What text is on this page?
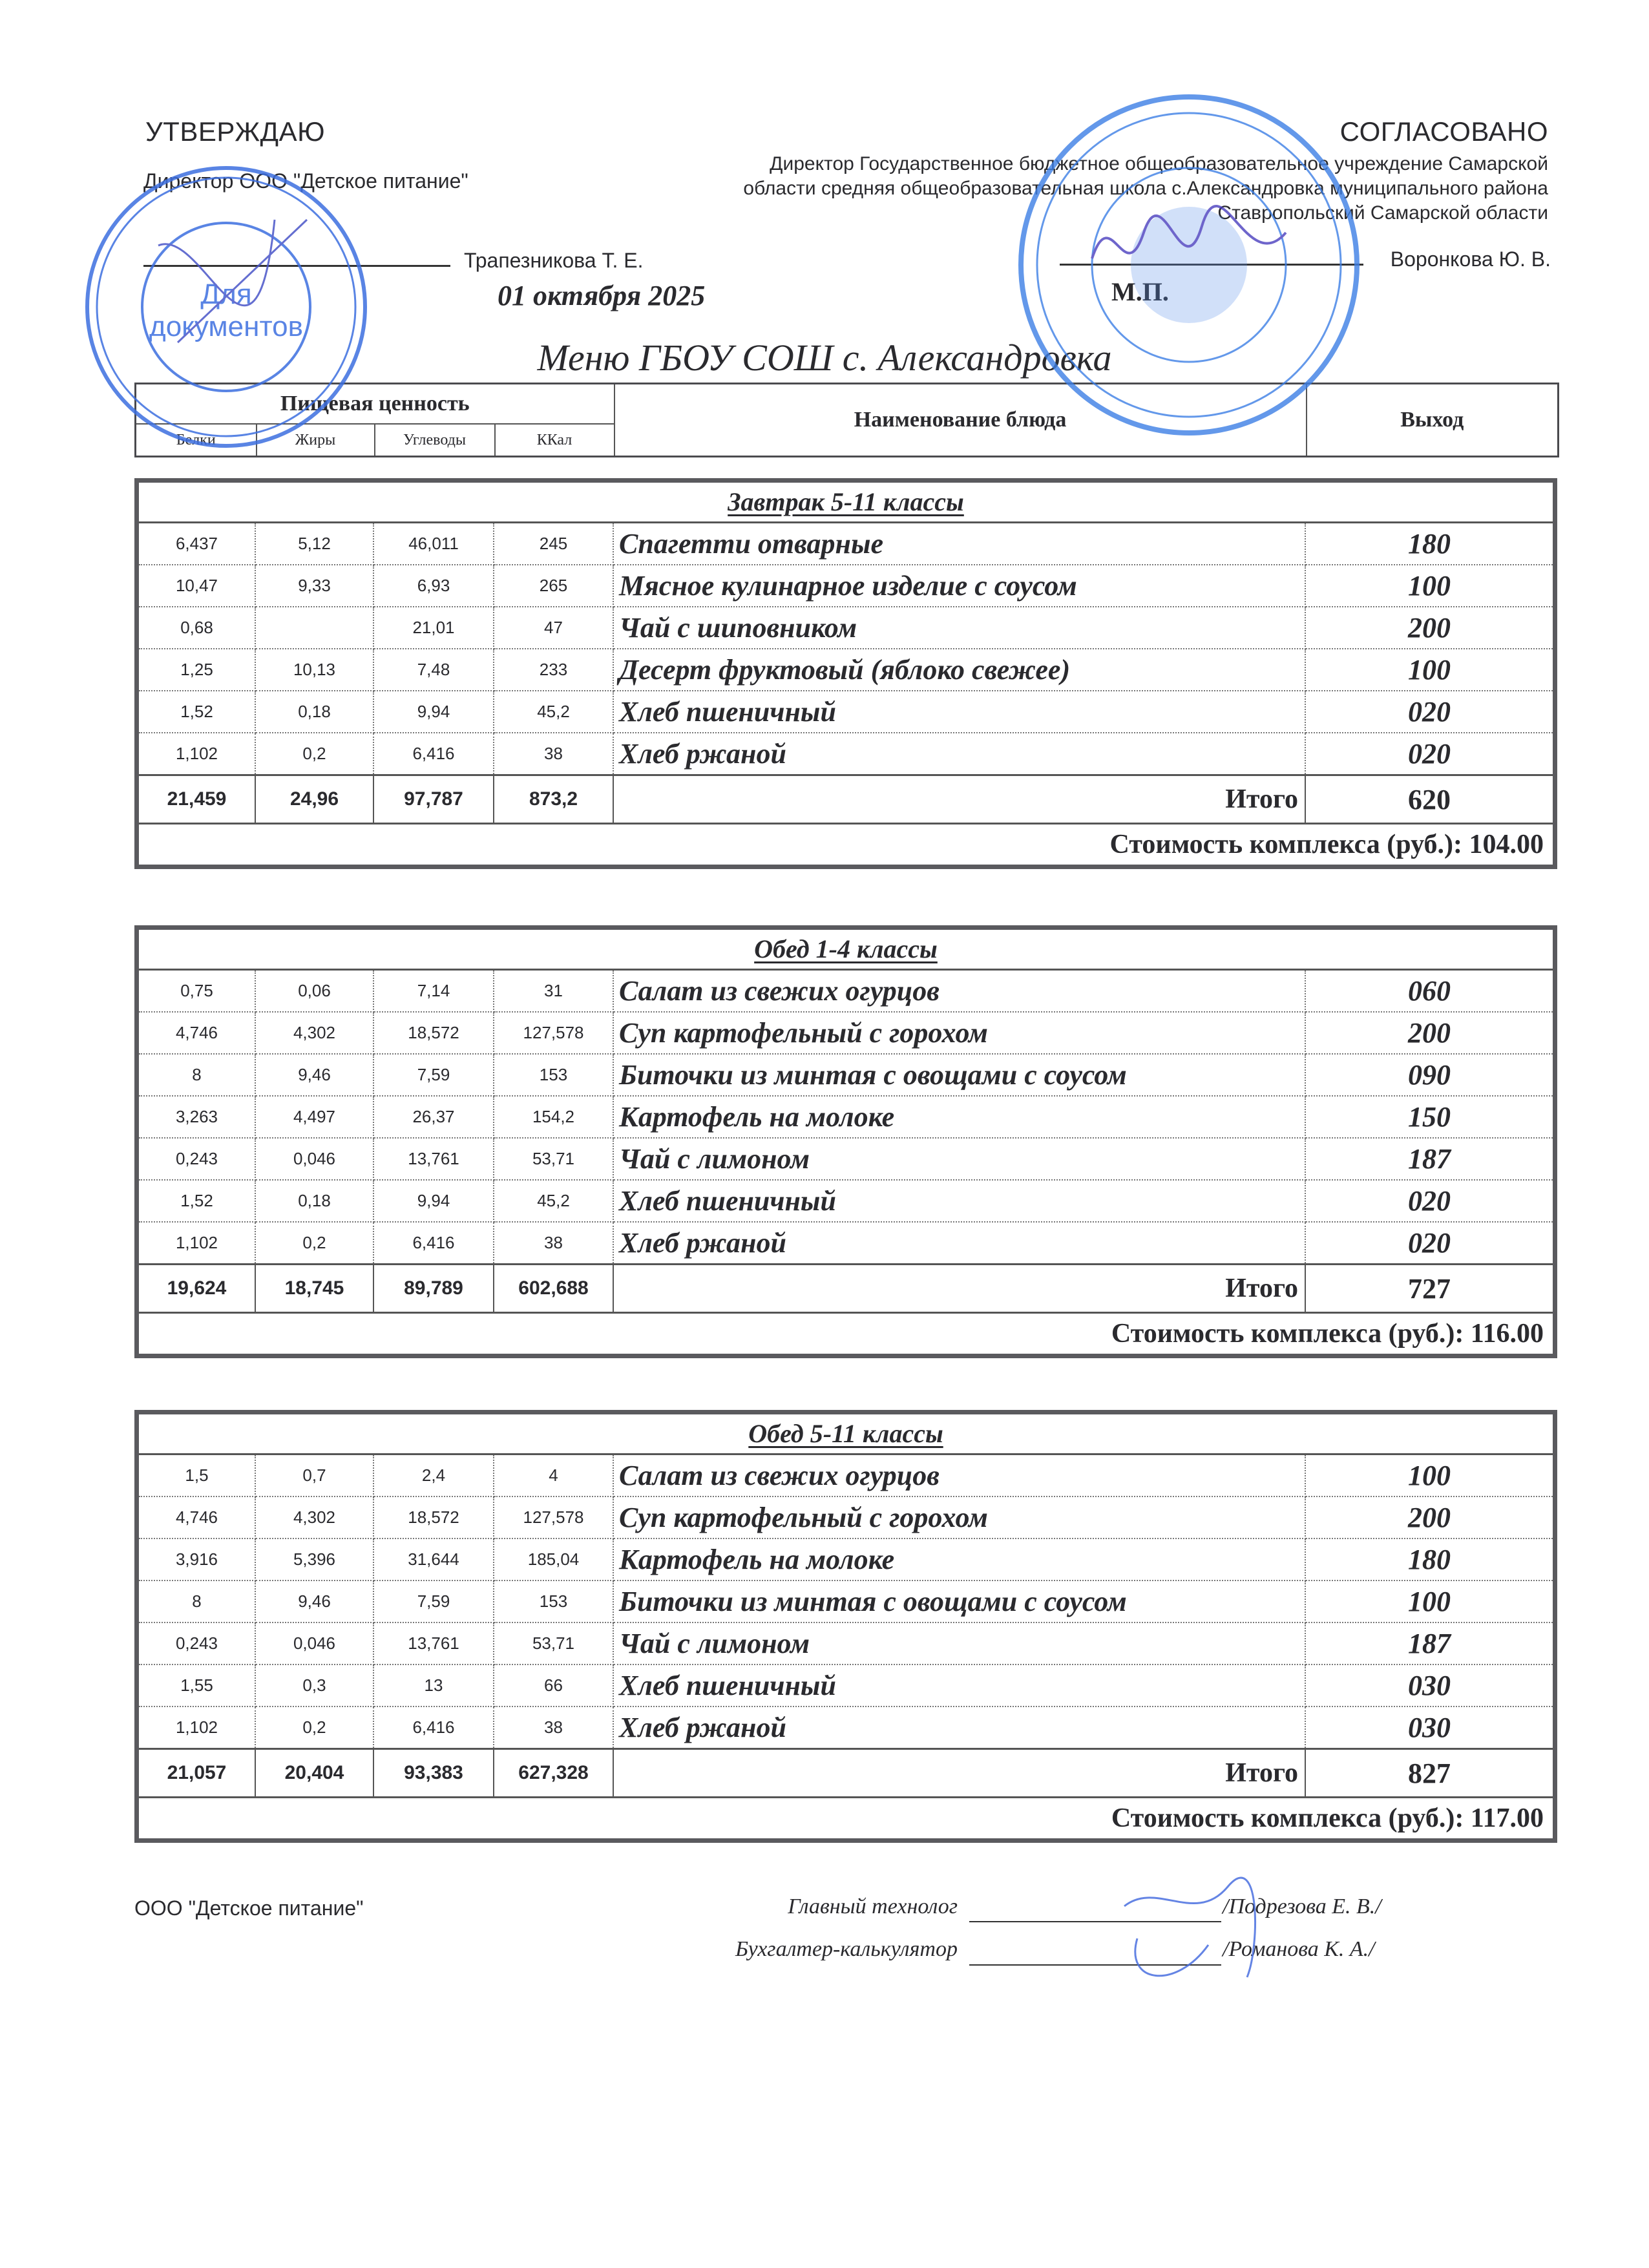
УТВЕРЖДАЮ
Директор ООО "Детское питание"
Трапезникова Т. Е.
01 октября 2025
СОГЛАСОВАНО
Директор Государственное бюджетное общеобразовательное учреждение Самарской области средняя общеобразовательная школа с.Александровка муниципального района Ставропольский Самарской области
Воронкова Ю. В.
М.П.
Меню ГБОУ СОШ с. Александровка
Пищевая ценность				Наименование блюда	Выход
Белки	Жиры	Углеводы	ККал		
Завтрак 5-11 классы
6,437	5,12	46,011	245	Спагетти отварные	180
10,47	9,33	6,93	265	Мясное кулинарное изделие с соусом	100
0,68		21,01	47	Чай с шиповником	200
1,25	10,13	7,48	233	Десерт фруктовый (яблоко свежее)	100
1,52	0,18	9,94	45,2	Хлеб пшеничный	020
1,102	0,2	6,416	38	Хлеб ржаной	020
21,459	24,96	97,787	873,2	Итого	620
Стоимость комплекса (руб.): 104.00
Обед 1-4 классы
0,75	0,06	7,14	31	Салат из свежих огурцов	060
4,746	4,302	18,572	127,578	Суп картофельный с горохом	200
8	9,46	7,59	153	Биточки из минтая с овощами с соусом	090
3,263	4,497	26,37	154,2	Картофель на молоке	150
0,243	0,046	13,761	53,71	Чай с лимоном	187
1,52	0,18	9,94	45,2	Хлеб пшеничный	020
1,102	0,2	6,416	38	Хлеб ржаной	020
19,624	18,745	89,789	602,688	Итого	727
Стоимость комплекса (руб.): 116.00
Обед 5-11 классы
1,5	0,7	2,4	4	Салат из свежих огурцов	100
4,746	4,302	18,572	127,578	Суп картофельный с горохом	200
3,916	5,396	31,644	185,04	Картофель на молоке	180
8	9,46	7,59	153	Биточки из минтая с овощами с соусом	100
0,243	0,046	13,761	53,71	Чай с лимоном	187
1,55	0,3	13	66	Хлеб пшеничный	030
1,102	0,2	6,416	38	Хлеб ржаной	030
21,057	20,404	93,383	627,328	Итого	827
Стоимость комплекса (руб.): 117.00
ООО "Детское питание"	Главный технолог	/Подрезова Е. В./
Бухгалтер-калькулятор	/Романова К. А./
Для
документов
